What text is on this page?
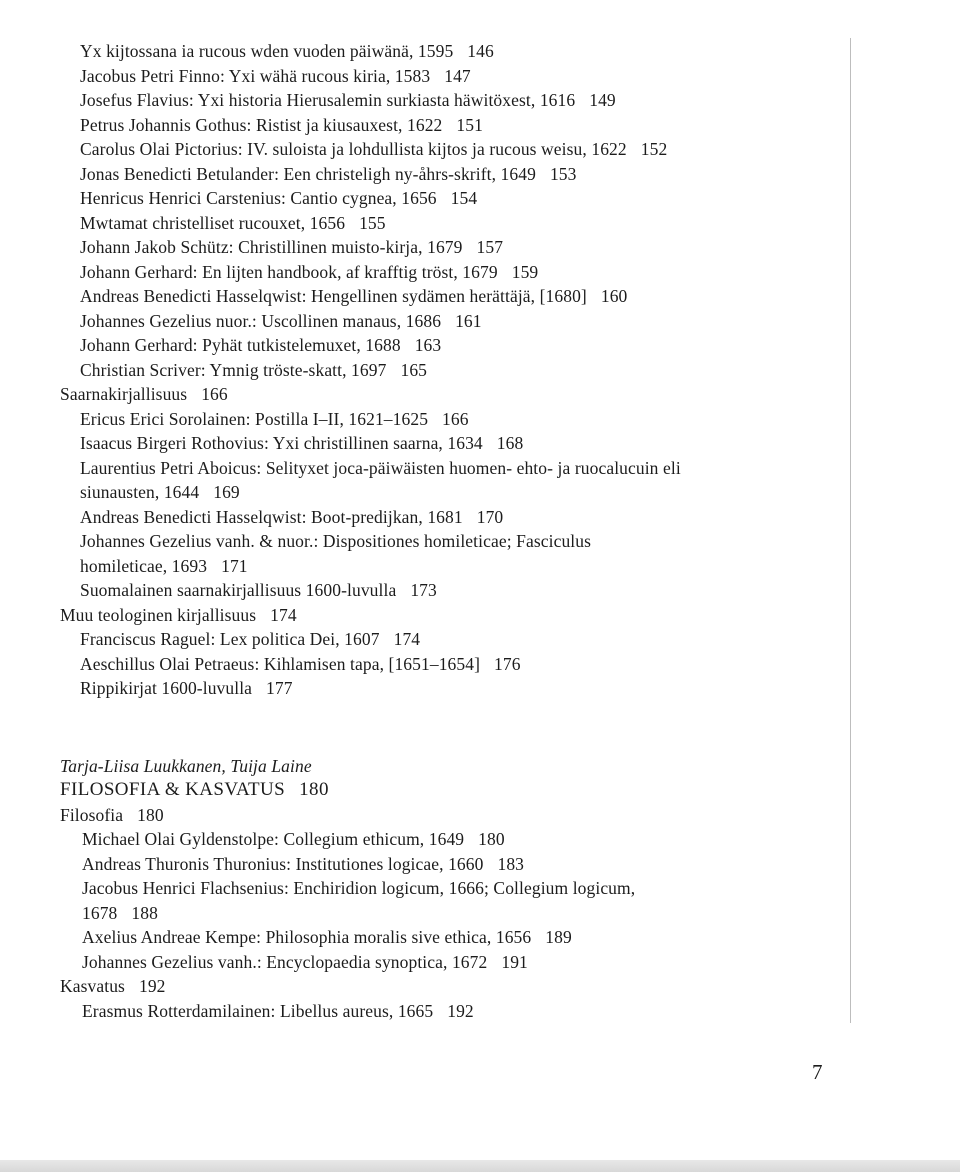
Yx kijtossana ia rucous wden vuoden päiwänä, 1595 146
Jacobus Petri Finno: Yxi wähä rucous kiria, 1583 147
Josefus Flavius: Yxi historia Hierusalemin surkiasta häwitöxest, 1616 149
Petrus Johannis Gothus: Ristist ja kiusauxest, 1622 151
Carolus Olai Pictorius: IV. suloista ja lohdullista kijtos ja rucous weisu, 1622 152
Jonas Benedicti Betulander: Een christeligh ny-åhrs-skrift, 1649 153
Henricus Henrici Carstenius: Cantio cygnea, 1656 154
Mwtamat christelliset rucouxet, 1656 155
Johann Jakob Schütz: Christillinen muisto-kirja, 1679 157
Johann Gerhard: En lijten handbook, af krafftig tröst, 1679 159
Andreas Benedicti Hasselqwist: Hengellinen sydämen herättäjä, [1680] 160
Johannes Gezelius nuor.: Uscollinen manaus, 1686 161
Johann Gerhard: Pyhät tutkistelemuxet, 1688 163
Christian Scriver: Ymnig tröste-skatt, 1697 165
Saarnakirjallisuus 166
Ericus Erici Sorolainen: Postilla I–II, 1621–1625 166
Isaacus Birgeri Rothovius: Yxi christillinen saarna, 1634 168
Laurentius Petri Aboicus: Selityxet joca-päiwäisten huomen- ehto- ja ruocalucuin eli
siunausten, 1644 169
Andreas Benedicti Hasselqwist: Boot-predijkan, 1681 170
Johannes Gezelius vanh. & nuor.: Dispositiones homileticae; Fasciculus
homileticae, 1693 171
Suomalainen saarnakirjallisuus 1600-luvulla 173
Muu teologinen kirjallisuus 174
Franciscus Raguel: Lex politica Dei, 1607 174
Aeschillus Olai Petraeus: Kihlamisen tapa, [1651–1654] 176
Rippikirjat 1600-luvulla 177
Tarja-Liisa Luukkanen, Tuija Laine
FILOSOFIA & KASVATUS 180
Filosofia 180
Michael Olai Gyldenstolpe: Collegium ethicum, 1649 180
Andreas Thuronis Thuronius: Institutiones logicae, 1660 183
Jacobus Henrici Flachsenius: Enchiridion logicum, 1666; Collegium logicum,
1678 188
Axelius Andreae Kempe: Philosophia moralis sive ethica, 1656 189
Johannes Gezelius vanh.: Encyclopaedia synoptica, 1672 191
Kasvatus 192
Erasmus Rotterdamilainen: Libellus aureus, 1665 192
7
